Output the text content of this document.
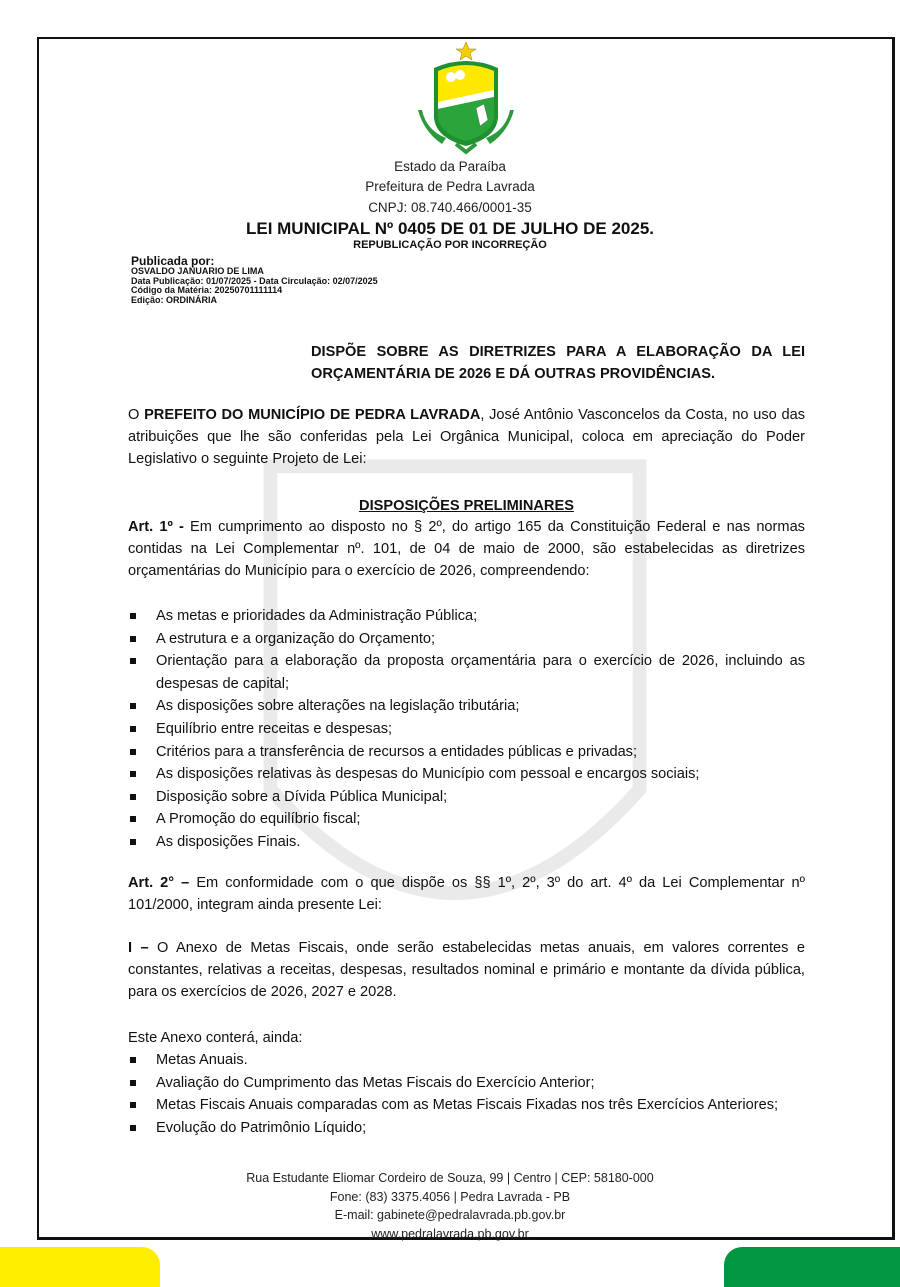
Estado da Paraíba
Prefeitura de Pedra Lavrada
CNPJ: 08.740.466/0001-35
LEI MUNICIPAL Nº 0405 DE 01 DE JULHO DE 2025.
REPUBLICAÇÃO POR INCORREÇÃO
Publicada por:
OSVALDO JANUARIO DE LIMA
Data Publicação: 01/07/2025 - Data Circulação: 02/07/2025
Código da Matéria: 20250701111114
Edição: ORDINÁRIA
DISPÕE SOBRE AS DIRETRIZES PARA A ELABORAÇÃO DA LEI ORÇAMENTÁRIA DE 2026 E DÁ OUTRAS PROVIDÊNCIAS.
O PREFEITO DO MUNICÍPIO DE PEDRA LAVRADA, José Antônio Vasconcelos da Costa, no uso das atribuições que lhe são conferidas pela Lei Orgânica Municipal, coloca em apreciação do Poder Legislativo o seguinte Projeto de Lei:
DISPOSIÇÕES PRELIMINARES
Art. 1º - Em cumprimento ao disposto no § 2º, do artigo 165 da Constituição Federal e nas normas contidas na Lei Complementar nº. 101, de 04 de maio de 2000, são estabelecidas as diretrizes orçamentárias do Município para o exercício de 2026, compreendendo:
As metas e prioridades da Administração Pública;
A estrutura e a organização do Orçamento;
Orientação para a elaboração da proposta orçamentária para o exercício de 2026, incluindo as despesas de capital;
As disposições sobre alterações na legislação tributária;
Equilíbrio entre receitas e despesas;
Critérios para a transferência de recursos a entidades públicas e privadas;
As disposições relativas às despesas do Município com pessoal e encargos sociais;
Disposição sobre a Dívida Pública Municipal;
A Promoção do equilíbrio fiscal;
As disposições Finais.
Art. 2° – Em conformidade com o que dispõe os §§ 1º, 2º, 3º do art. 4º da Lei Complementar nº 101/2000, integram ainda presente Lei:
I – O Anexo de Metas Fiscais, onde serão estabelecidas metas anuais, em valores correntes e constantes, relativas a receitas, despesas, resultados nominal e primário e montante da dívida pública, para os exercícios de 2026, 2027 e 2028.
Este Anexo conterá, ainda:
Metas Anuais.
Avaliação do Cumprimento das Metas Fiscais do Exercício Anterior;
Metas Fiscais Anuais comparadas com as Metas Fiscais Fixadas nos três Exercícios Anteriores;
Evolução do Patrimônio Líquido;
Rua Estudante Eliomar Cordeiro de Souza, 99 | Centro | CEP: 58180-000
Fone: (83) 3375.4056 | Pedra Lavrada - PB
E-mail: gabinete@pedralavrada.pb.gov.br
www.pedralavrada.pb.gov.br
